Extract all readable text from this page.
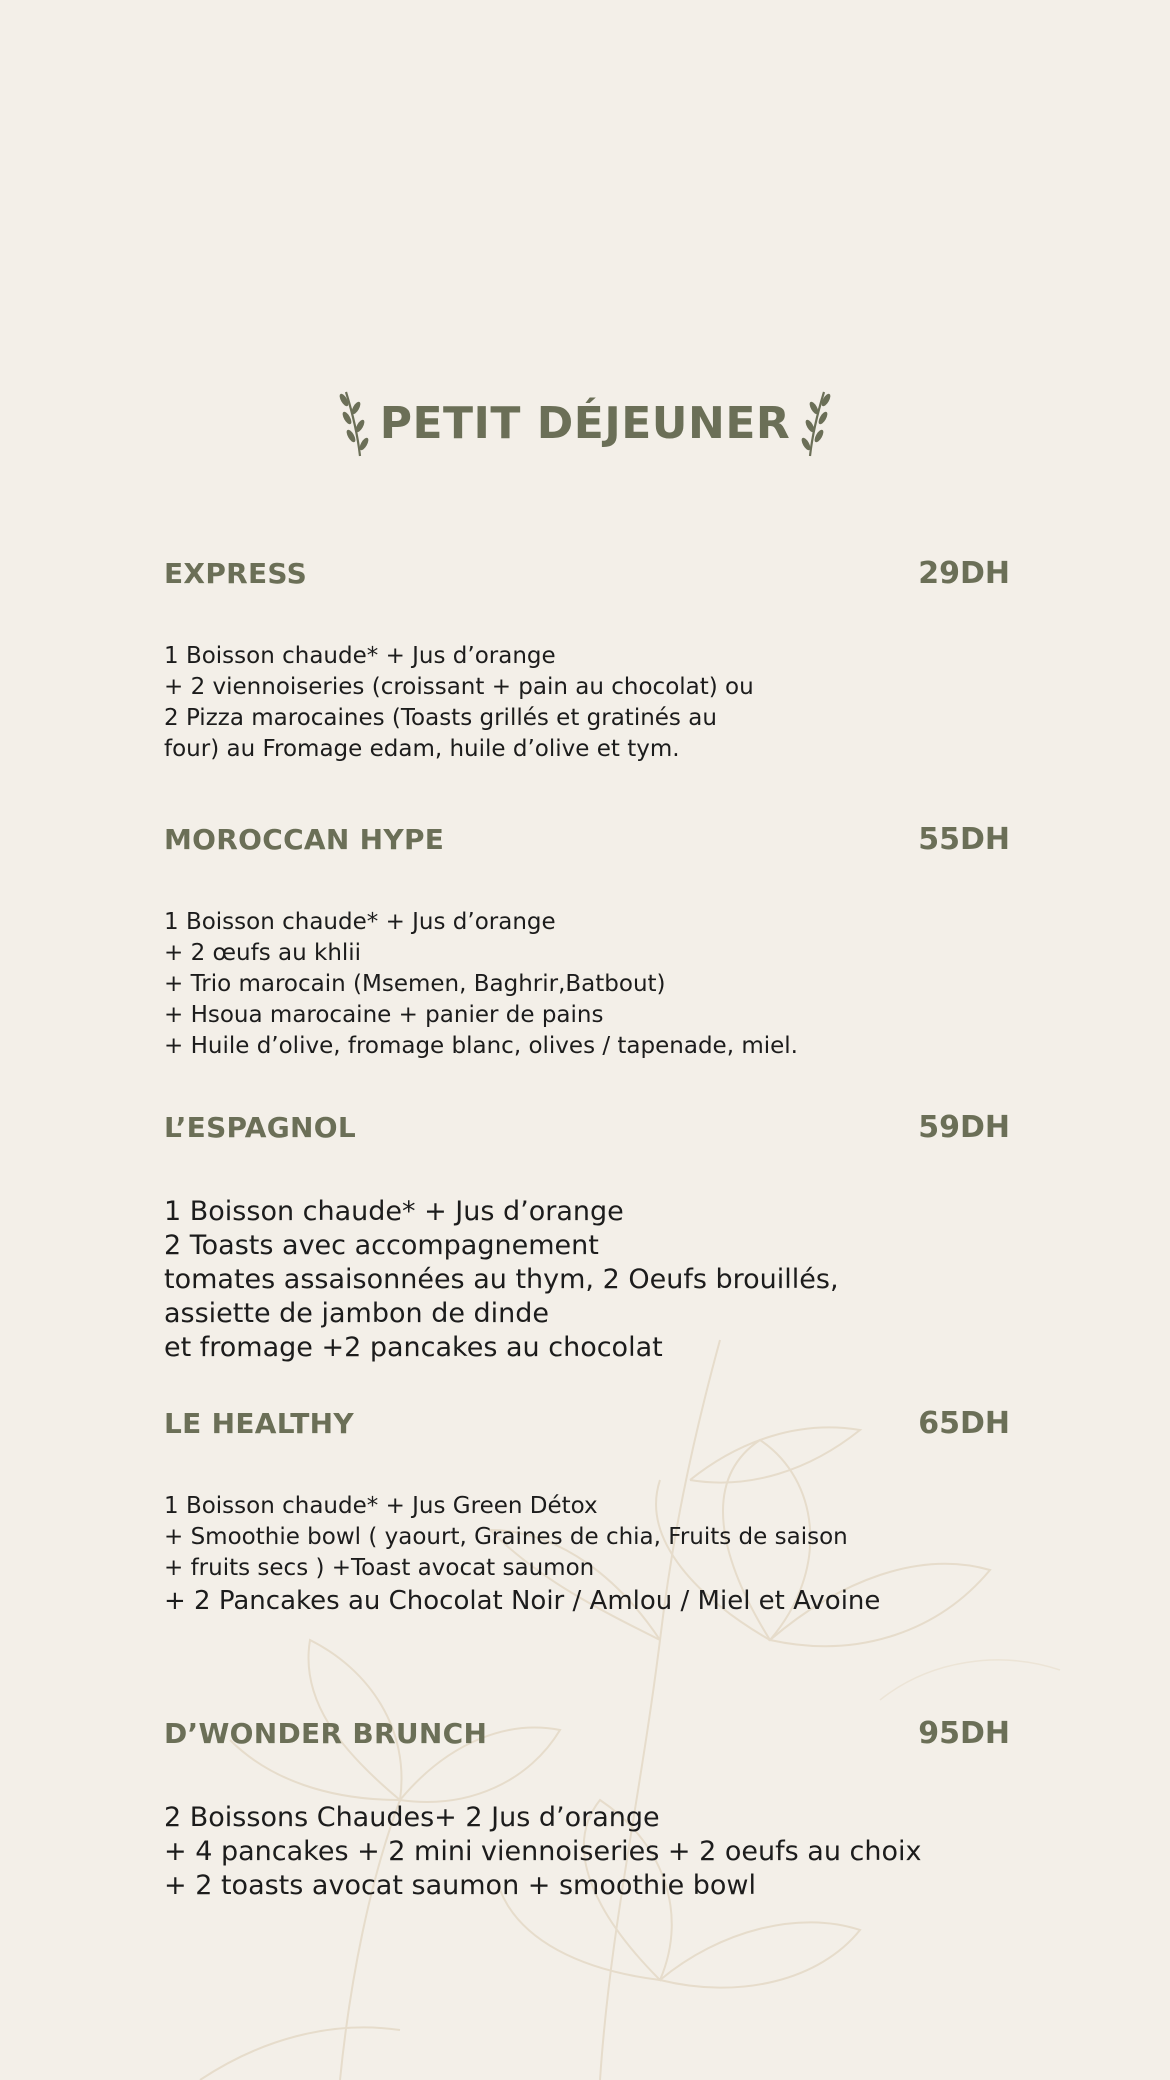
PETIT DÉJEUNER
EXPRESS	29DH
1 Boisson chaude* + Jus d’orange
+ 2 viennoiseries (croissant + pain au chocolat) ou
2 Pizza marocaines (Toasts grillés et gratinés au
four) au Fromage edam, huile d’olive et tym.
MOROCCAN HYPE	55DH
1 Boisson chaude* + Jus d’orange
+ 2 œufs au khlii
+ Trio marocain (Msemen, Baghrir,Batbout)
+ Hsoua marocaine + panier de pains
+ Huile d’olive, fromage blanc, olives / tapenade, miel.
L’ESPAGNOL	59DH
1 Boisson chaude* + Jus d’orange
2 Toasts avec accompagnement
tomates assaisonnées au thym, 2 Oeufs brouillés,
assiette de jambon de dinde
et fromage +2 pancakes au chocolat
LE HEALTHY	65DH
1 Boisson chaude* + Jus Green Détox
+ Smoothie bowl ( yaourt, Graines de chia, Fruits de saison
+ fruits secs ) +Toast avocat saumon
+ 2 Pancakes au Chocolat Noir / Amlou / Miel et Avoine
D’WONDER BRUNCH	95DH
2 Boissons Chaudes+ 2 Jus d’orange
+ 4 pancakes + 2 mini viennoiseries + 2 oeufs au choix
+ 2 toasts avocat saumon + smoothie bowl
